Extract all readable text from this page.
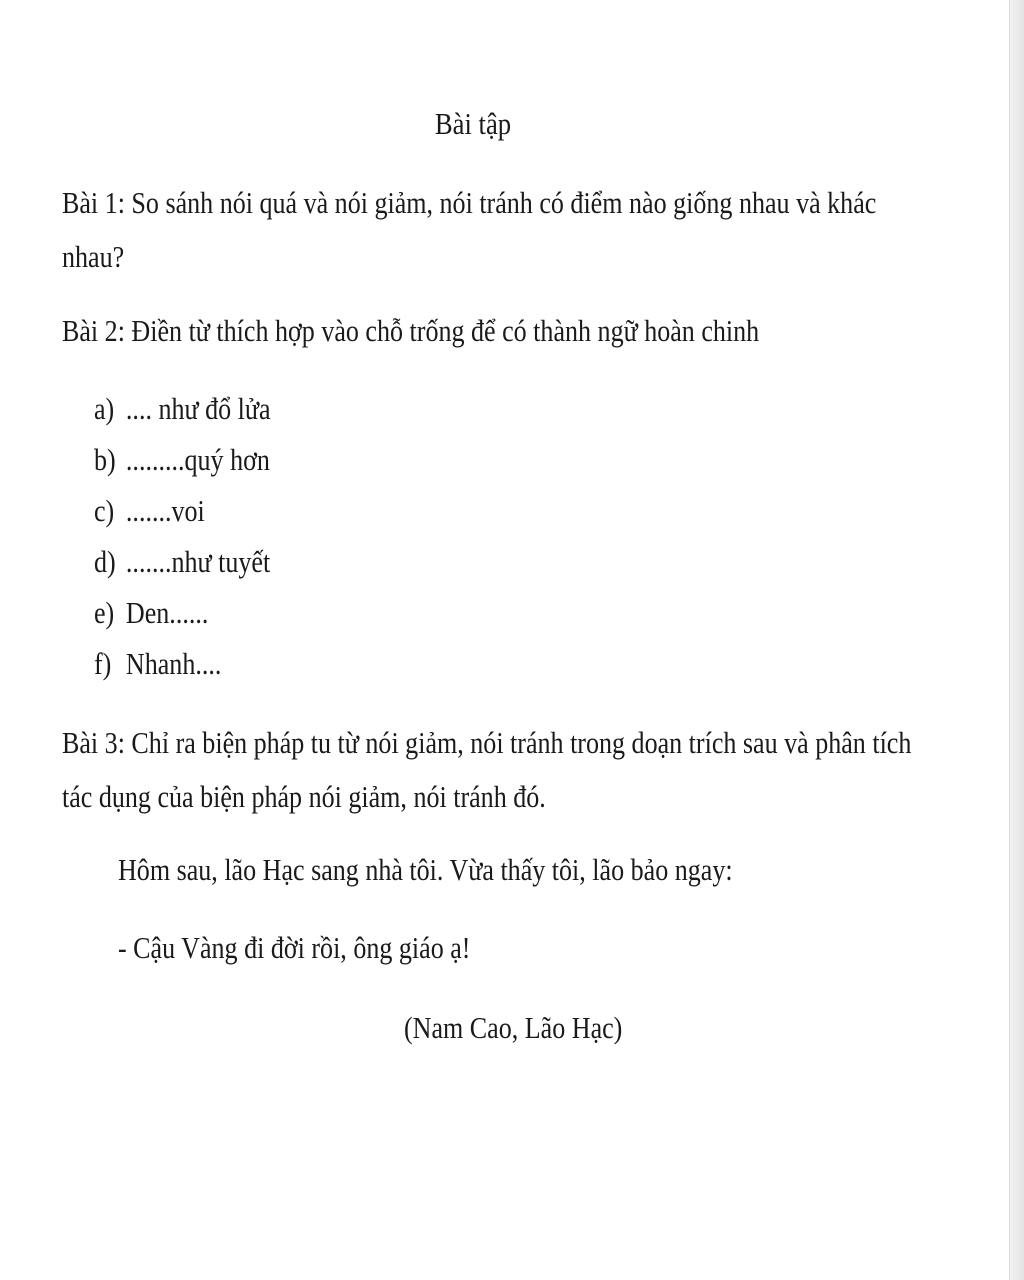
Bài tập
Bài 1: So sánh nói quá và nói giảm, nói tránh có điểm nào giống nhau và khác
nhau?
Bài 2: Điền từ thích hợp vào chỗ trống để có thành ngữ hoàn chinh
a) .... như đổ lửa
b) .........quý hơn
c) .......voi
d) .......như tuyết
e) Den......
f) Nhanh....
Bài 3: Chỉ ra biện pháp tu từ nói giảm, nói tránh trong doạn trích sau và phân tích
tác dụng của biện pháp nói giảm, nói tránh đó.
Hôm sau, lão Hạc sang nhà tôi. Vừa thấy tôi, lão bảo ngay:
- Cậu Vàng đi đời rồi, ông giáo ạ!
(Nam Cao, Lão Hạc)
